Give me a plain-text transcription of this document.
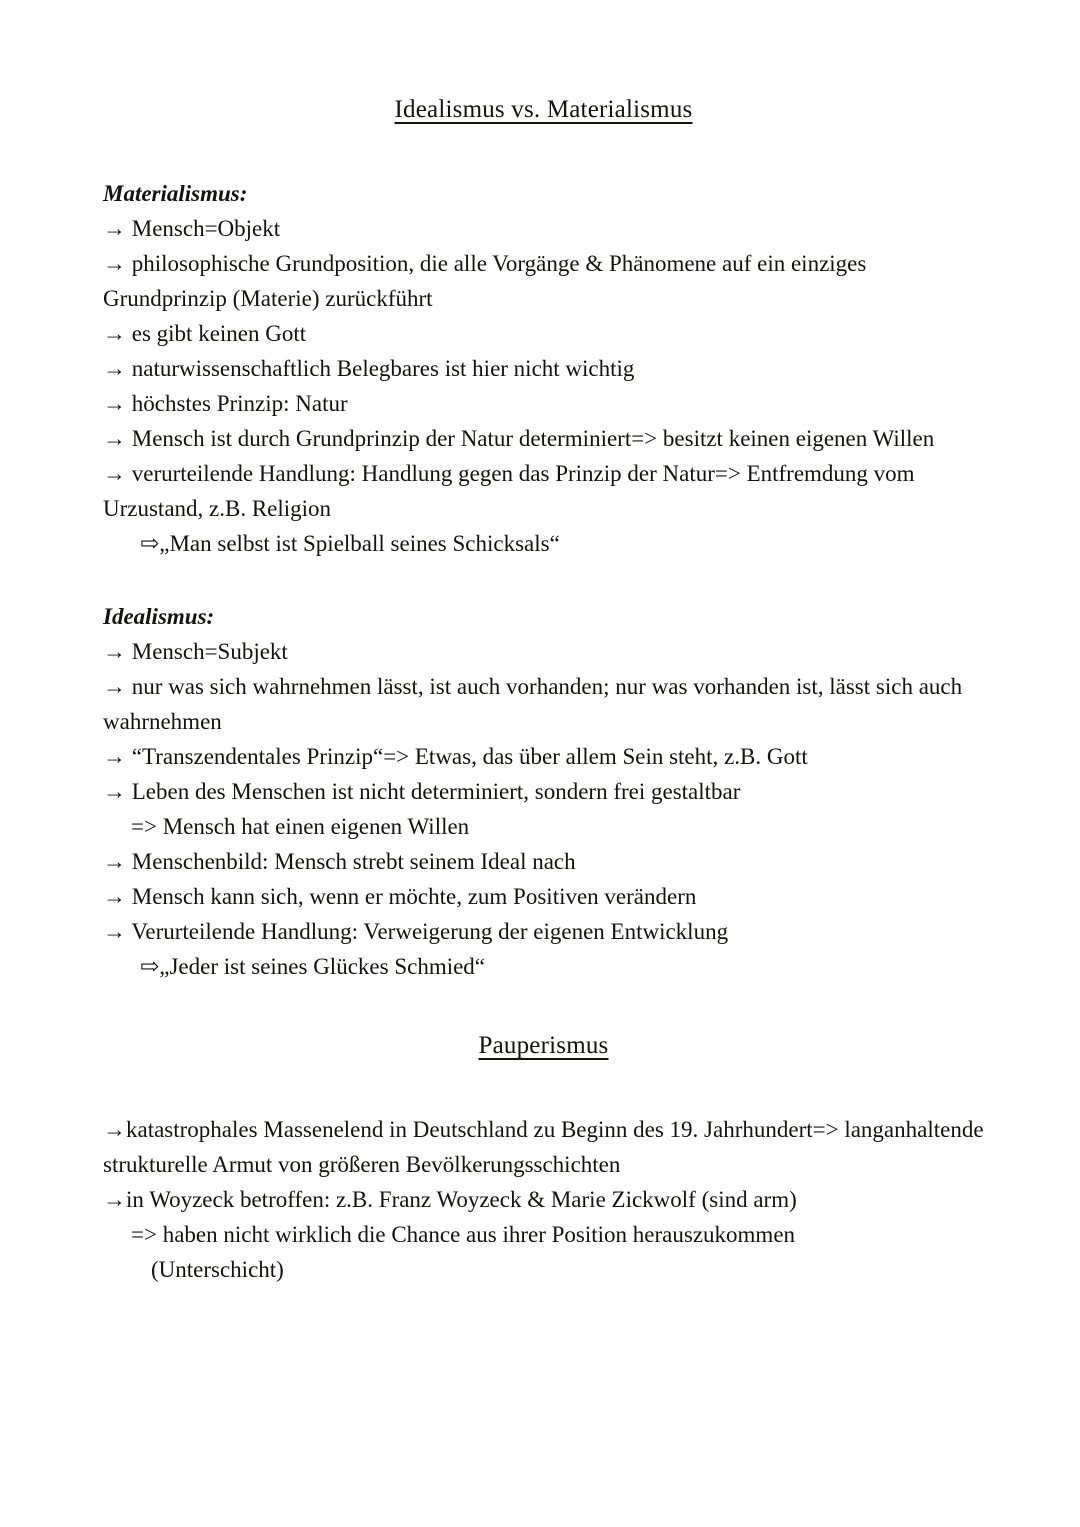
Idealismus vs. Materialismus
Materialismus:

→ Mensch=Objekt

→ philosophische Grundposition, die alle Vorgänge & Phänomene auf ein einziges Grundprinzip (Materie) zurückführt

→ es gibt keinen Gott

→ naturwissenschaftlich Belegbares ist hier nicht wichtig

→ höchstes Prinzip: Natur

→ Mensch ist durch Grundprinzip der Natur determiniert=> besitzt keinen eigenen Willen

→ verurteilende Handlung: Handlung gegen das Prinzip der Natur=> Entfremdung vom Urzustand, z.B. Religion

⇨„Man selbst ist Spielball seines Schicksals“

Idealismus:

→ Mensch=Subjekt

→ nur was sich wahrnehmen lässt, ist auch vorhanden; nur was vorhanden ist, lässt sich auch wahrnehmen

→ “Transzendentales Prinzip“=> Etwas, das über allem Sein steht, z.B. Gott

→ Leben des Menschen ist nicht determiniert, sondern frei gestaltbar

=> Mensch hat einen eigenen Willen

→ Menschenbild: Mensch strebt seinem Ideal nach

→ Mensch kann sich, wenn er möchte, zum Positiven verändern

→ Verurteilende Handlung: Verweigerung der eigenen Entwicklung

⇨„Jeder ist seines Glückes Schmied“

Pauperismus

→katastrophales Massenelend in Deutschland zu Beginn des 19. Jahrhundert=> langanhaltende strukturelle Armut von größeren Bevölkerungsschichten

→in Woyzeck betroffen: z.B. Franz Woyzeck & Marie Zickwolf (sind arm)

=> haben nicht wirklich die Chance aus ihrer Position herauszukommen

(Unterschicht)
